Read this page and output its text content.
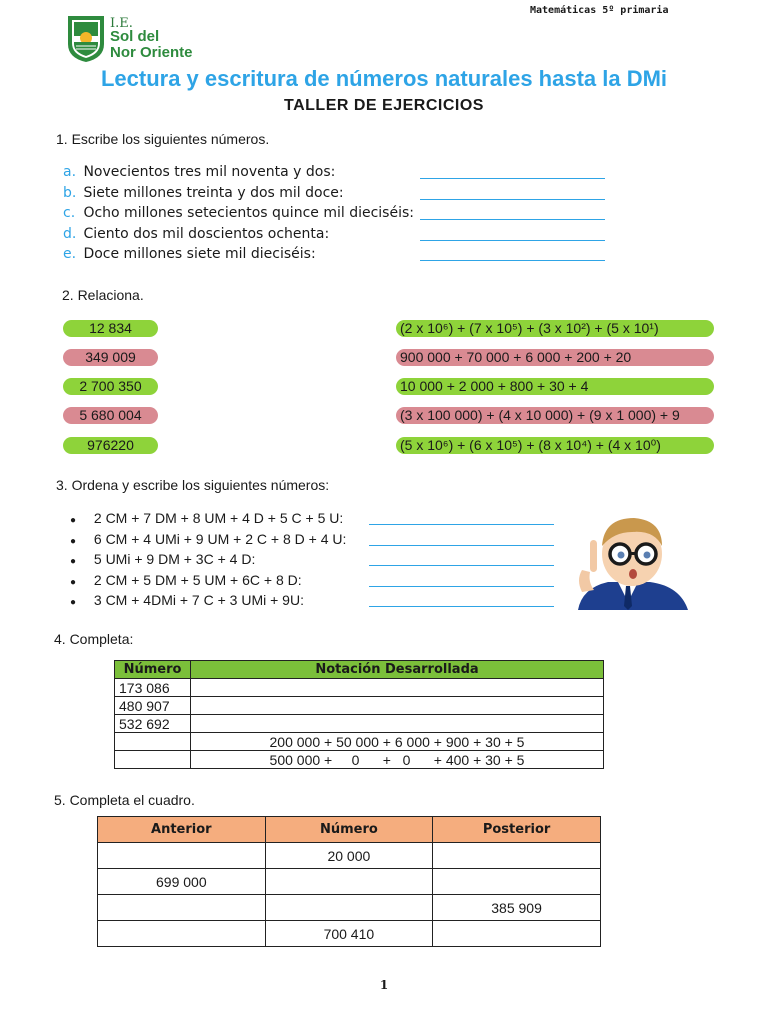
Matemáticas 5º primaria
I.E.
Sol del
Nor Oriente
Lectura y escritura de números naturales hasta la DMi
TALLER DE EJERCICIOS
1. Escribe los siguientes números.
a. Novecientos tres mil noventa y dos:
b. Siete millones treinta y dos mil doce:
c. Ocho millones setecientos quince mil dieciséis:
d. Ciento dos mil doscientos ochenta:
e. Doce millones siete mil dieciséis:
2. Relaciona.
12 834
349 009
2 700 350
5 680 004
976220
(2 x 10⁶) + (7 x 10⁵) + (3 x 10²) + (5 x 10¹)
900 000 + 70 000 + 6 000 + 200 + 20
10 000 + 2 000 + 800 + 30 + 4
(3 x 100 000) + (4 x 10 000) + (9 x 1 000) + 9
(5 x 10⁶) + (6 x 10⁵) + (8 x 10⁴) + (4 x 10⁰)
3. Ordena y escribe los siguientes números:
● 2 CM + 7 DM + 8 UM + 4 D + 5 C + 5 U:
● 6 CM + 4 UMi + 9 UM + 2 C + 8 D + 4 U:
● 5 UMi + 9 DM + 3C + 4 D:
● 2 CM + 5 DM + 5 UM + 6C + 8 D:
● 3 CM + 4DMi + 7 C + 3 UMi + 9U:
4. Completa:
Número	Notación Desarrollada
173 086	
480 907	
532 692	
	200 000 + 50 000 + 6 000 + 900 + 30 + 5
	500 000 +     0      +   0      + 400 + 30 + 5
5. Completa el cuadro.
Anterior	Número	Posterior
	20 000	
699 000		
		385 909
	700 410	
1
